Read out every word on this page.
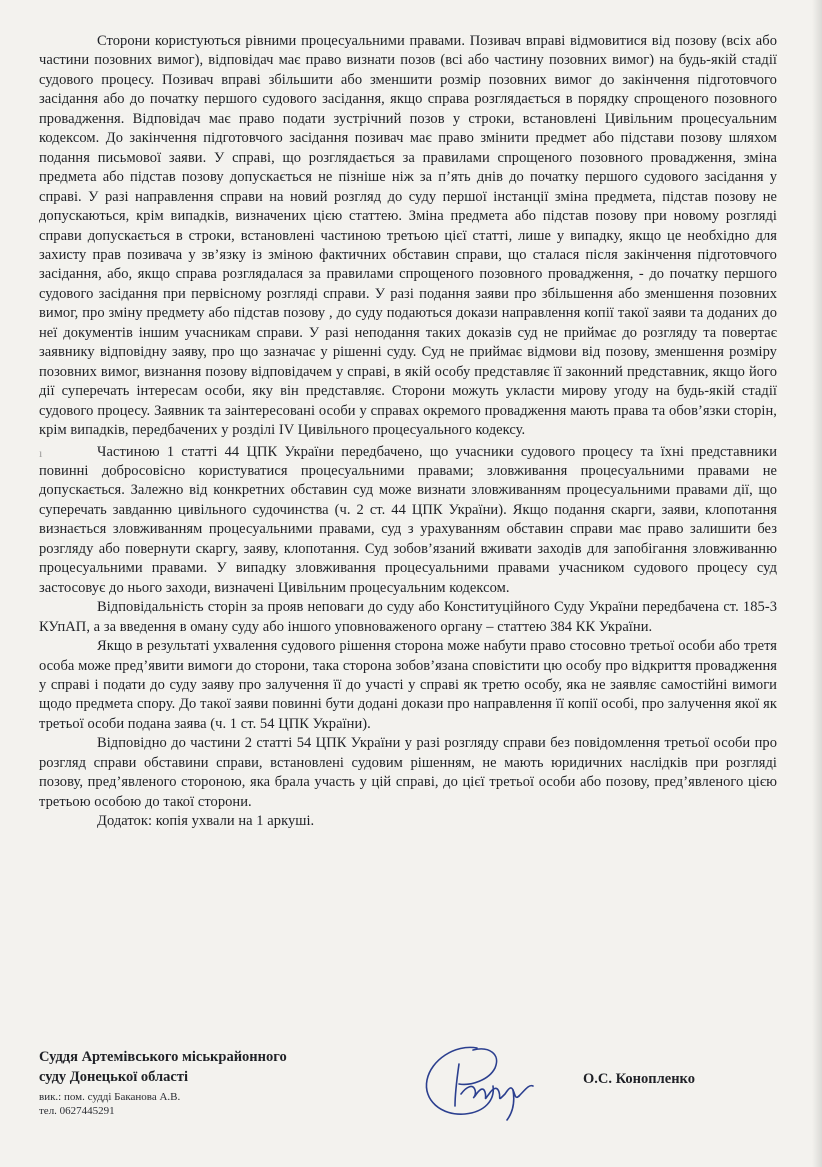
Сторони користуються рівними процесуальними правами. Позивач вправі відмовитися від позову (всіх або частини позовних вимог), відповідач має право визнати позов (всі або частину позовних вимог) на будь-якій стадії судового процесу. Позивач вправі збільшити або зменшити розмір позовних вимог до закінчення підготовчого засідання або до початку першого судового засідання, якщо справа розглядається в порядку спрощеного позовного провадження. Відповідач має право подати зустрічний позов у строки, встановлені Цивільним процесуальним кодексом. До закінчення підготовчого засідання позивач має право змінити предмет або підстави позову шляхом подання письмової заяви. У справі, що розглядається за правилами спрощеного позовного провадження, зміна предмета або підстав позову допускається не пізніше ніж за п’ять днів до початку першого судового засідання у справі. У разі направлення справи на новий розгляд до суду першої інстанції зміна предмета, підстав позову не допускаються, крім випадків, визначених цією статтею. Зміна предмета або підстав позову при новому розгляді справи допускається в строки, встановлені частиною третьою цієї статті, лише у випадку, якщо це необхідно для захисту прав позивача у зв’язку із зміною фактичних обставин справи, що сталася після закінчення підготовчого засідання, або, якщо справа розглядалася за правилами спрощеного позовного провадження, - до початку першого судового засідання при первісному розгляді справи. У разі подання заяви про збільшення або зменшення позовних вимог, про зміну предмету або підстав позову , до суду подаються докази направлення копії такої заяви та доданих до неї документів іншим учасникам справи. У разі неподання таких доказів суд не приймає до розгляду та повертає заявнику відповідну заяву, про що зазначає у рішенні суду. Суд не приймає відмови від позову, зменшення розміру позовних вимог, визнання позову відповідачем у справі, в якій особу представляє її законний представник, якщо його дії суперечать інтересам особи, яку він представляє. Сторони можуть укласти мирову угоду на будь-якій стадії судового процесу. Заявник та заінтересовані особи у справах окремого провадження мають права та обов’язки сторін, крім випадків, передбачених у розділі IV Цивільного процесуального кодексу.

Частиною 1 статті 44 ЦПК України передбачено, що учасники судового процесу та їхні представники повинні добросовісно користуватися процесуальними правами; зловживання процесуальними правами не допускається. Залежно від конкретних обставин суд може визнати зловживанням процесуальними правами дії, що суперечать завданню цивільного судочинства (ч. 2 ст. 44 ЦПК України). Якщо подання скарги, заяви, клопотання визнається зловживанням процесуальними правами, суд з урахуванням обставин справи має право залишити без розгляду або повернути скаргу, заяву, клопотання. Суд зобов’язаний вживати заходів для запобігання зловживанню процесуальними правами. У випадку зловживання процесуальними правами учасником судового процесу суд застосовує до нього заходи, визначені Цивільним процесуальним кодексом.

Відповідальність сторін за прояв неповаги до суду або Конституційного Суду України передбачена ст. 185-3 КУпАП, а за введення в оману суду або іншого уповноваженого органу – статтею 384 КК України.

Якщо в результаті ухвалення судового рішення сторона може набути право стосовно третьої особи або третя особа може пред’явити вимоги до сторони, така сторона зобов’язана сповістити цю особу про відкриття провадження у справі і подати до суду заяву про залучення її до участі у справі як третю особу, яка не заявляє самостійні вимоги щодо предмета спору. До такої заяви повинні бути додані докази про направлення її копії особі, про залучення якої як третьої особи подана заява (ч. 1 ст. 54 ЦПК України).

Відповідно до частини 2 статті 54 ЦПК України у разі розгляду справи без повідомлення третьої особи про розгляд справи обставини справи, встановлені судовим рішенням, не мають юридичних наслідків при розгляді позову, пред’явленого стороною, яка брала участь у цій справі, до цієї третьої особи або позову, пред’явленого цією третьою особою до такої сторони.

Додаток: копія ухвали на 1 аркуші.

Суддя Артемівського міськрайонного
суду Донецької області
вик.: пом. судді Баканова А.В.
тел. 0627445291
О.С. Конопленко
ı
